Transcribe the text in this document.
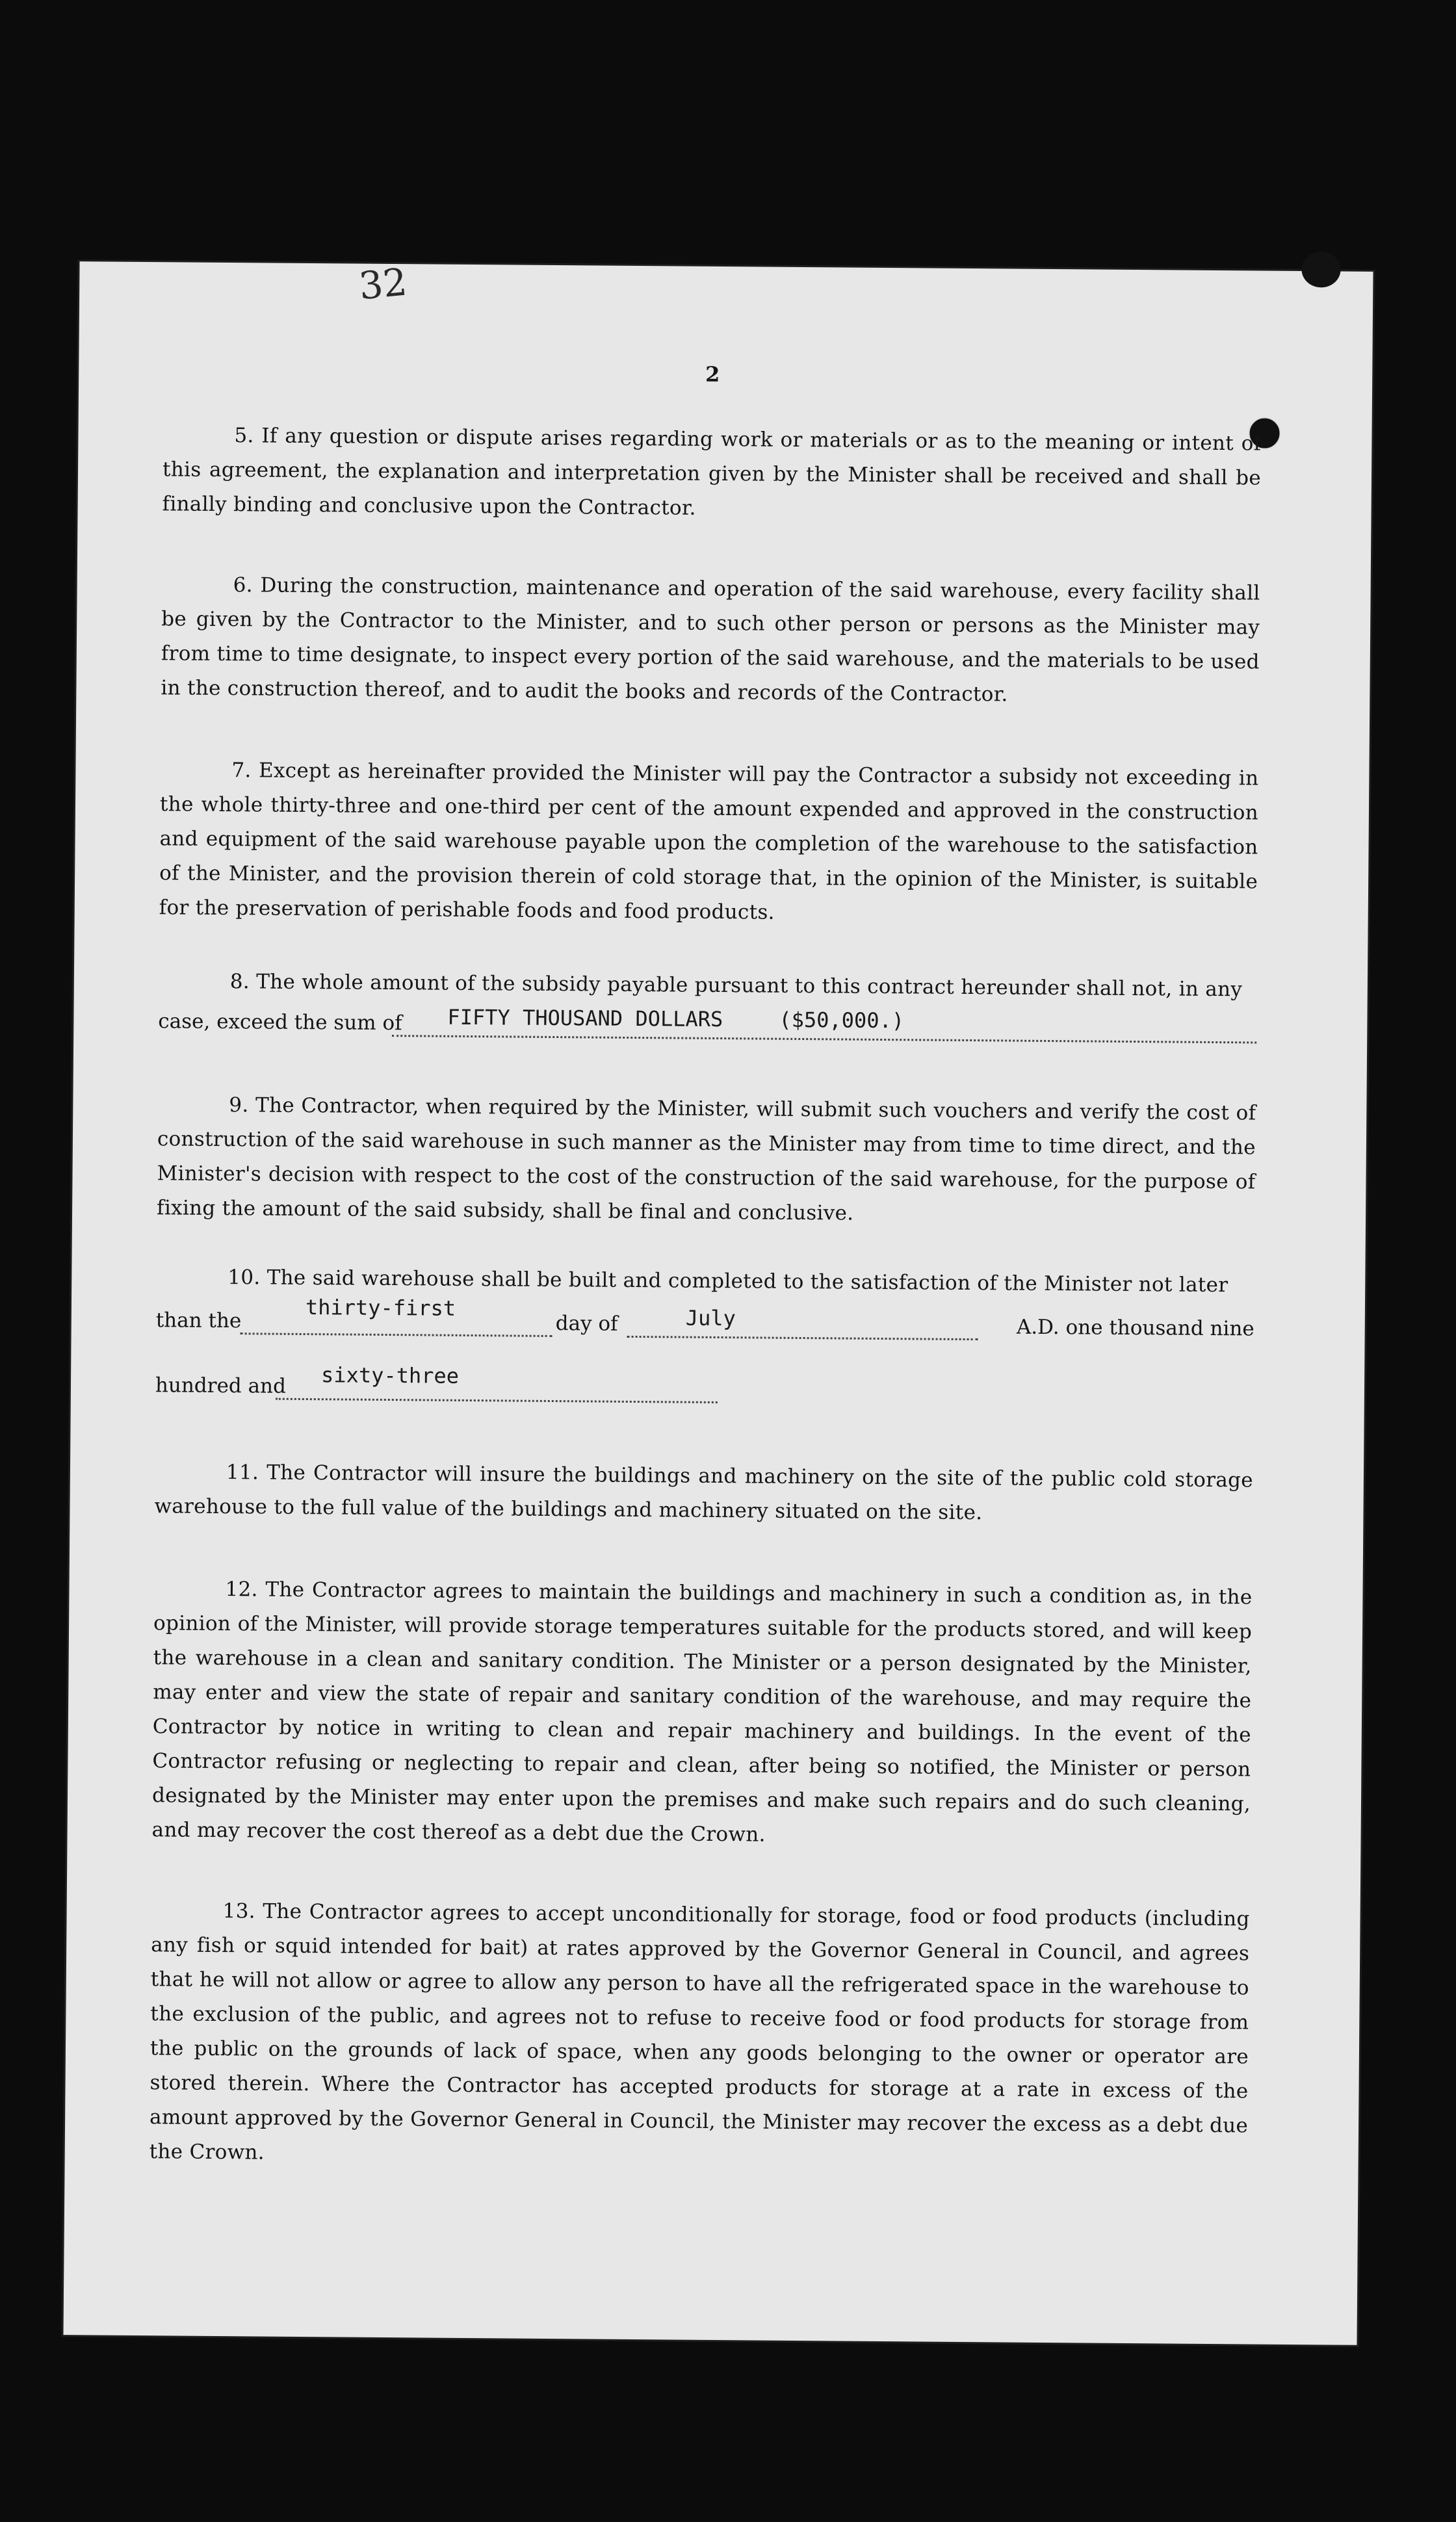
32
2
5. If any question or dispute arises regarding work or materials or as to the meaning or intent of this agreement, the explanation and interpretation given by the Minister shall be received and shall be finally binding and conclusive upon the Contractor.
6. During the construction, maintenance and operation of the said warehouse, every facility shall be given by the Contractor to the Minister, and to such other person or persons as the Minister may from time to time designate, to inspect every portion of the said warehouse, and the materials to be used in the construction thereof, and to audit the books and records of the Contractor.
7. Except as hereinafter provided the Minister will pay the Contractor a subsidy not exceeding in the whole thirty-three and one-third per cent of the amount expended and approved in the construction and equipment of the said warehouse payable upon the completion of the warehouse to the satisfaction of the Minister, and the provision therein of cold storage that, in the opinion of the Minister, is suitable for the preservation of perishable foods and food products.
8. The whole amount of the subsidy payable pursuant to this contract hereunder shall not, in any
case, exceed the sum of FIFTY THOUSAND DOLLARS	($50,000.)
9. The Contractor, when required by the Minister, will submit such vouchers and verify the cost of construction of the said warehouse in such manner as the Minister may from time to time direct, and the Minister's decision with respect to the cost of the construction of the said warehouse, for the purpose of fixing the amount of the said subsidy, shall be final and conclusive.
10. The said warehouse shall be built and completed to the satisfaction of the Minister not later
than the	thirty-first
day of	July	A.D. one thousand nine
hundred and sixty-three
11. The Contractor will insure the buildings and machinery on the site of the public cold storage warehouse to the full value of the buildings and machinery situated on the site.
12. The Contractor agrees to maintain the buildings and machinery in such a condition as, in the opinion of the Minister, will provide storage temperatures suitable for the products stored, and will keep the warehouse in a clean and sanitary condition. The Minister or a person designated by the Minister, may enter and view the state of repair and sanitary condition of the warehouse, and may require the Contractor by notice in writing to clean and repair machinery and buildings. In the event of the Contractor refusing or neglecting to repair and clean, after being so notified, the Minister or person designated by the Minister may enter upon the premises and make such repairs and do such cleaning, and may recover the cost thereof as a debt due the Crown.
13. The Contractor agrees to accept unconditionally for storage, food or food products (including any fish or squid intended for bait) at rates approved by the Governor General in Council, and agrees that he will not allow or agree to allow any person to have all the refrigerated space in the warehouse to the exclusion of the public, and agrees not to refuse to receive food or food products for storage from the public on the grounds of lack of space, when any goods belonging to the owner or operator are stored therein. Where the Contractor has accepted products for storage at a rate in excess of the amount approved by the Governor General in Council, the Minister may recover the excess as a debt due the Crown.
